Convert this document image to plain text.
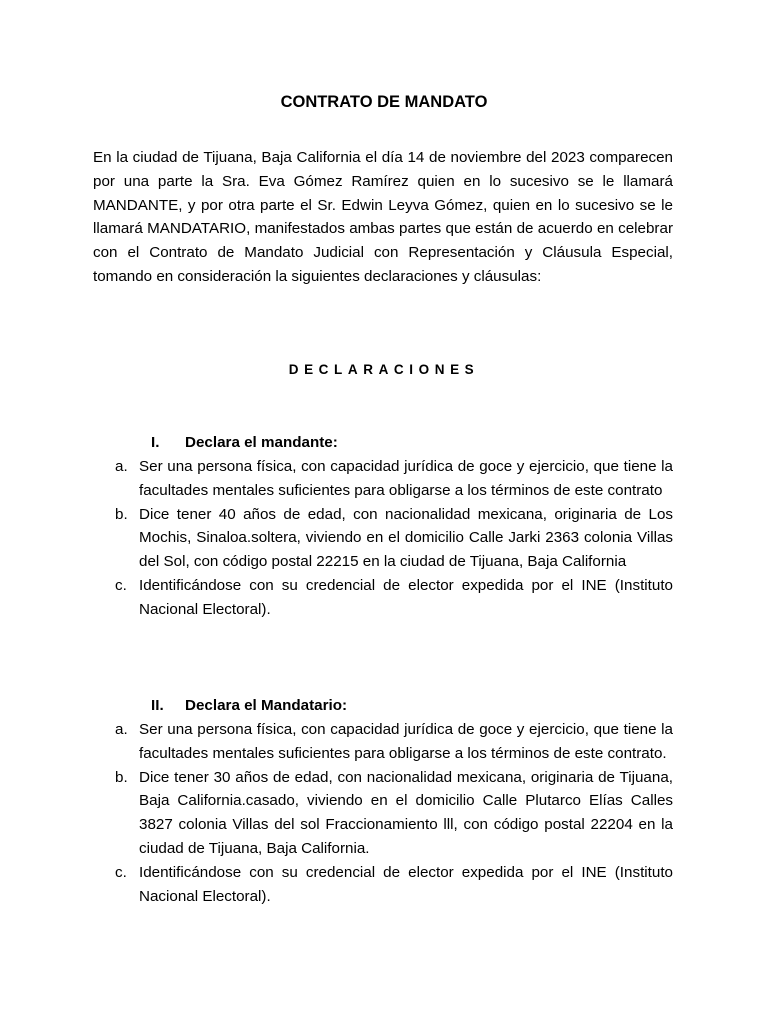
CONTRATO DE MANDATO

En la ciudad de Tijuana, Baja California el día 14 de noviembre del 2023 comparecen por una parte la Sra. Eva Gómez Ramírez quien en lo sucesivo se le llamará MANDANTE, y por otra parte el Sr. Edwin Leyva Gómez, quien en lo sucesivo se le llamará MANDATARIO, manifestados ambas partes que están de acuerdo en celebrar con el Contrato de Mandato Judicial con Representación y Cláusula Especial, tomando en consideración la siguientes declaraciones y cláusulas:

DECLARACIONES
I. Declara el mandante:
a. Ser una persona física, con capacidad jurídica de goce y ejercicio, que tiene la facultades mentales suficientes para obligarse a los términos de este contrato
b. Dice tener 40 años de edad, con nacionalidad mexicana, originaria de Los Mochis, Sinaloa.soltera, viviendo en el domicilio Calle Jarki 2363 colonia Villas del Sol, con código postal 22215 en la ciudad de Tijuana, Baja California
c. Identificándose con su credencial de elector expedida por el INE (Instituto Nacional Electoral).
II. Declara el Mandatario:
a. Ser una persona física, con capacidad jurídica de goce y ejercicio, que tiene la facultades mentales suficientes para obligarse a los términos de este contrato.
b. Dice tener 30 años de edad, con nacionalidad mexicana, originaria de Tijuana, Baja California.casado, viviendo en el domicilio Calle Plutarco Elías Calles 3827 colonia Villas del sol Fraccionamiento lll, con código postal 22204 en la ciudad de Tijuana, Baja California.
c. Identificándose con su credencial de elector expedida por el INE (Instituto Nacional Electoral).
